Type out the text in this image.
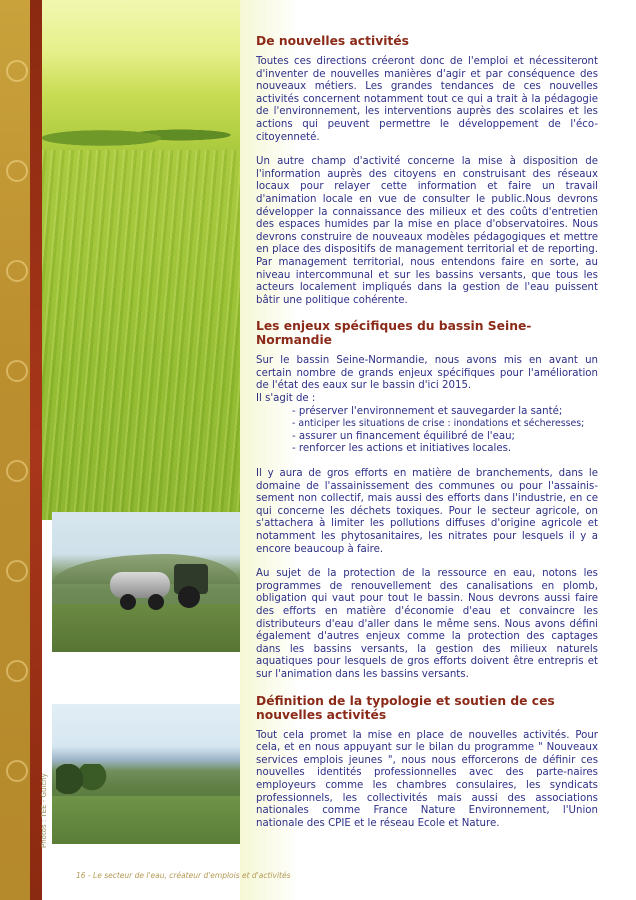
Photos : TEE - Guichy
16 - Le secteur de l'eau, créateur d'emplois et d'activités
De nouvelles activités

Toutes ces directions créeront donc de l'emploi et nécessiteront d'inventer de nouvelles manières d'agir et par conséquence des nouveaux métiers. Les grandes tendances de ces nouvelles activités concernent notamment tout ce qui a trait à la pédagogie de l'environnement, les interventions auprès des scolaires et les actions qui peuvent permettre le développement de l'éco-citoyenneté.

Un autre champ d'activité concerne la mise à disposition de l'information auprès des citoyens en construisant des réseaux locaux pour relayer cette information et faire un travail d'animation locale en vue de consulter le public.Nous devrons développer la connaissance des milieux et des coûts d'entretien des espaces humides par la mise en place d'observatoires. Nous devrons construire de nouveaux modèles pédagogiques et mettre en place des dispositifs de management territorial et de reporting. Par management territorial, nous entendons faire en sorte, au niveau intercommunal et sur les bassins versants, que tous les acteurs localement impliqués dans la gestion de l'eau puissent bâtir une politique cohérente.

Les enjeux spécifiques du bassin Seine-Normandie

Sur le bassin Seine-Normandie, nous avons mis en avant un certain nombre de grands enjeux spécifiques pour l'amélioration de l'état des eaux sur le bassin d'ici 2015.
Il s'agit de :

- préserver l'environnement et sauvegarder la santé;
- anticiper les situations de crise : inondations et sécheresses;
- assurer un financement équilibré de l'eau;
- renforcer les actions et initiatives locales.

Il y aura de gros efforts en matière de branchements, dans le domaine de l'assainissement des communes ou pour l'assainis-sement non collectif, mais aussi des efforts dans l'industrie, en ce qui concerne les déchets toxiques. Pour le secteur agricole, on s'attachera à limiter les pollutions diffuses d'origine agricole et notamment les phytosanitaires, les nitrates pour lesquels il y a encore beaucoup à faire.

Au sujet de la protection de la ressource en eau, notons les programmes de renouvellement des canalisations en plomb, obligation qui vaut pour tout le bassin. Nous devrons aussi faire des efforts en matière d'économie d'eau et convaincre les distributeurs d'eau d'aller dans le même sens. Nous avons défini également d'autres enjeux comme la protection des captages dans les bassins versants, la gestion des milieux naturels aquatiques pour lesquels de gros efforts doivent être entrepris et sur l'animation dans les bassins versants.

Définition de la typologie et soutien de ces nouvelles activités

Tout cela promet la mise en place de nouvelles activités. Pour cela, et en nous appuyant sur le bilan du programme " Nouveaux services emplois jeunes ", nous nous efforcerons de définir ces nouvelles identités professionnelles avec des parte-naires employeurs comme les chambres consulaires, les syndicats professionnels, les collectivités mais aussi des associations nationales comme France Nature Environnement, l'Union nationale des CPIE et le réseau Ecole et Nature.
